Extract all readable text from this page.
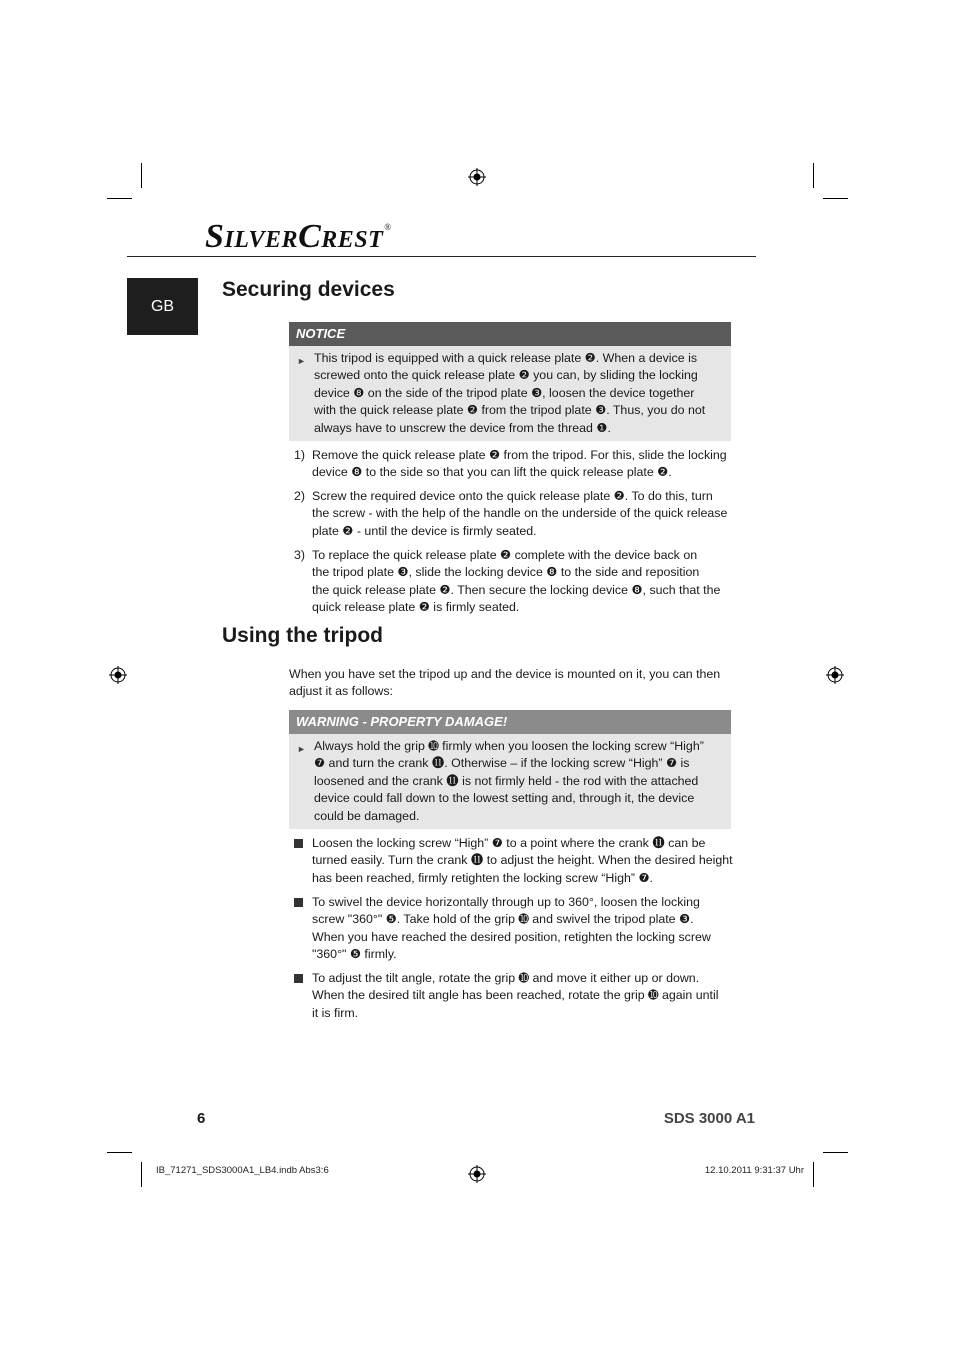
SILVERCREST®
GB
Securing devices
NOTICE
► This tripod is equipped with a quick release plate ❷. When a device is
screwed onto the quick release plate ❷ you can, by sliding the locking
device ❽ on the side of the tripod plate ❸, loosen the device together
with the quick release plate ❷ from the tripod plate ❸. Thus, you do not
always have to unscrew the device from the thread ❶.
1) Remove the quick release plate ❷ from the tripod. For this, slide the locking
device ❽ to the side so that you can lift the quick release plate ❷.
2) Screw the required device onto the quick release plate ❷. To do this, turn
the screw - with the help of the handle on the underside of the quick release
plate ❷ - until the device is firmly seated.
3) To replace the quick release plate ❷ complete with the device back on
the tripod plate ❸, slide the locking device ❽ to the side and reposition
the quick release plate ❷. Then secure the locking device ❽, such that the
quick release plate ❷ is firmly seated.
Using the tripod
When you have set the tripod up and the device is mounted on it, you can then
adjust it as follows:
WARNING - PROPERTY DAMAGE!
► Always hold the grip ➓ firmly when you loosen the locking screw “High”
❼ and turn the crank ⓫. Otherwise – if the locking screw “High” ❼ is
loosened and the crank ⓫ is not firmly held - the rod with the attached
device could fall down to the lowest setting and, through it, the device
could be damaged.
Loosen the locking screw “High” ❼ to a point where the crank ⓫ can be
turned easily. Turn the crank ⓫ to adjust the height. When the desired height
has been reached, firmly retighten the locking screw “High” ❼.
To swivel the device horizontally through up to 360°, loosen the locking
screw "360°" ❺. Take hold of the grip ➓ and swivel the tripod plate ❸.
When you have reached the desired position, retighten the locking screw
"360°" ❺ firmly.
To adjust the tilt angle, rotate the grip ➓ and move it either up or down.
When the desired tilt angle has been reached, rotate the grip ➓ again until
it is firm.
6	SDS 3000 A1
IB_71271_SDS3000A1_LB4.indb Abs3:6	12.10.2011 9:31:37 Uhr
